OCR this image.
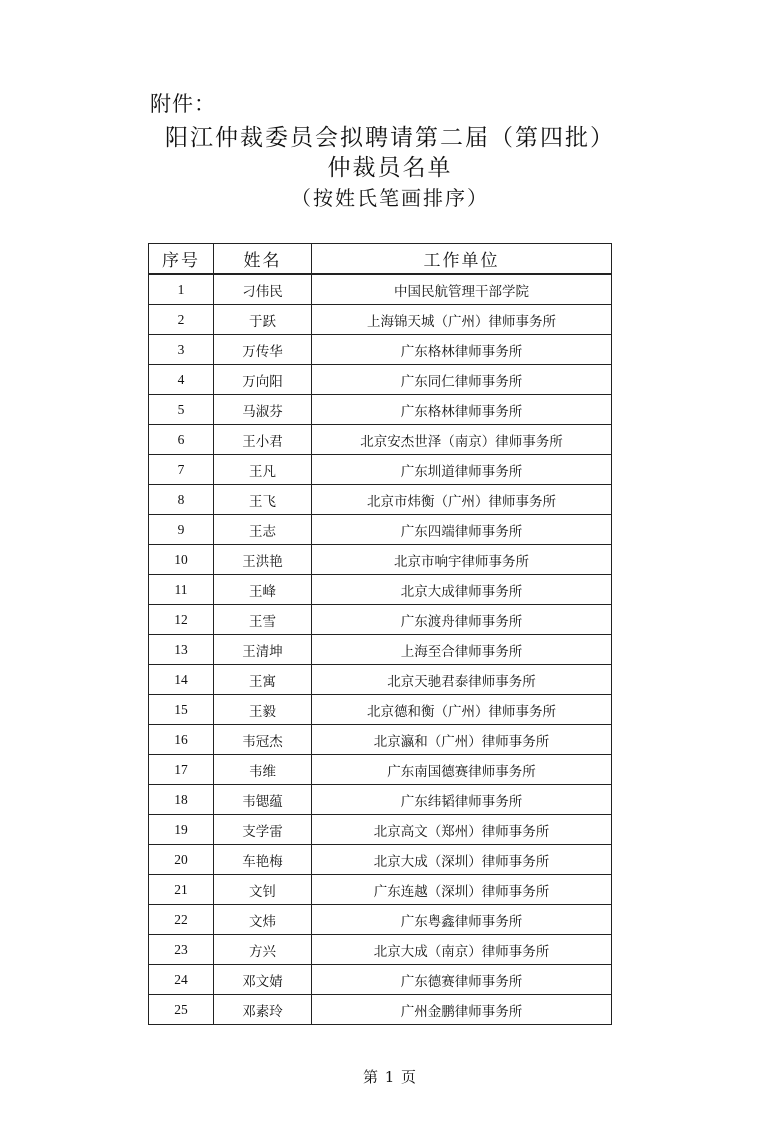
附件：
阳江仲裁委员会拟聘请第二届（第四批）
仲裁员名单
（按姓氏笔画排序）
序号	姓名	工作单位
1	刁伟民	中国民航管理干部学院
2	于跃	上海锦天城（广州）律师事务所
3	万传华	广东格林律师事务所
4	万向阳	广东同仁律师事务所
5	马淑芬	广东格林律师事务所
6	王小君	北京安杰世泽（南京）律师事务所
7	王凡	广东圳道律师事务所
8	王飞	北京市炜衡（广州）律师事务所
9	王志	广东四端律师事务所
10	王洪艳	北京市响宇律师事务所
11	王峰	北京大成律师事务所
12	王雪	广东渡舟律师事务所
13	王清坤	上海至合律师事务所
14	王寓	北京天驰君泰律师事务所
15	王毅	北京德和衡（广州）律师事务所
16	韦冠杰	北京瀛和（广州）律师事务所
17	韦维	广东南国德赛律师事务所
18	韦锶蕴	广东纬韬律师事务所
19	支学雷	北京高文（郑州）律师事务所
20	车艳梅	北京大成（深圳）律师事务所
21	文钊	广东连越（深圳）律师事务所
22	文炜	广东粤鑫律师事务所
23	方兴	北京大成（南京）律师事务所
24	邓文婧	广东德赛律师事务所
25	邓素玲	广州金鹏律师事务所
第 1 页
